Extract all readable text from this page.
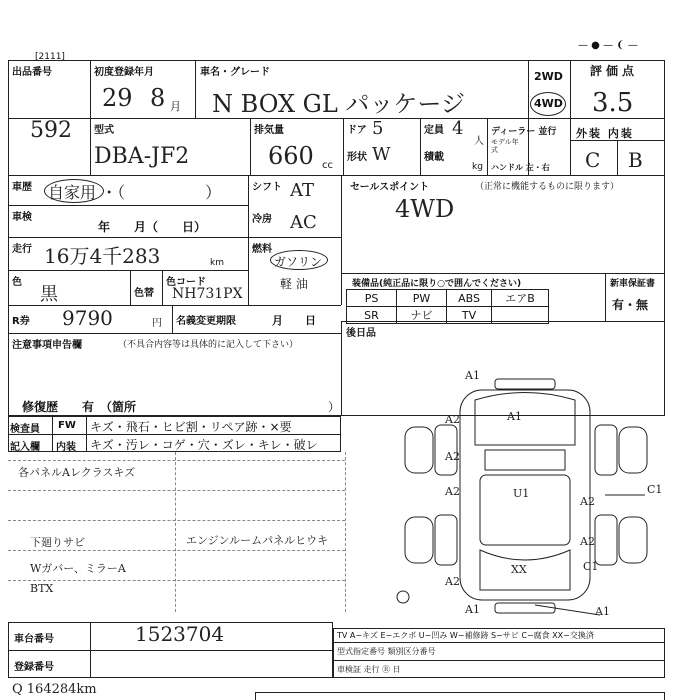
[2111]
— ● — ❨ —
出品番号
592
初度登録年月
29 8 月
車名・グレード
N BOX GL パッケージ
2WD
4WD
評価点
3.5
外装 内装
C B
型式
DBA-JF2
排気量
660 cc
ドア 5
形状 W
定員 4
人
積載
kg
ディーラー 並行
モデル年式
ハンドル 左・右
車歴 自家用 ・（　　　　　）
車検
年　　月（　　日）
走行 16万4千283	km
色
黒	色替
色コード
NH731PX
シフト AT
冷房 AC
燃料
ガソリン
軽 油
セールスポイント	（正常に機能するものに限ります）
4WD
装備品(純正品に限り○で囲んでください)	新車保証書
有・無
PS	PW	ABS	エアB
SR	ナビ	TV	
後日品
R券 9790	円 名義変更期限	月　　日
注意事項申告欄	（不具合内容等は具体的に記入して下さい）
修復歴　　有　（箇所	）
検査員 FW キズ・飛石・ヒビ割・リペア跡・×要
記入欄 内装 キズ・汚レ・コゲ・穴・ズレ・キレ・破レ
各パネルAレクラスキズ
エンジンルームパネルヒウキ
下廻りサビ
Wガバー、ミラーA
BTX
A1
A2	A1
A2
U1
A2
A2
C1
A2
XX	C1
A1
A1
A2
車台番号	1523704
登録番号
TV A−キズ E−エクボ U−凹み W−補修跡 S−サビ C−腐食 XX−交換済
型式指定番号 類別区分番号
車検証 走行 Ⓡ 日
Q 164284km
